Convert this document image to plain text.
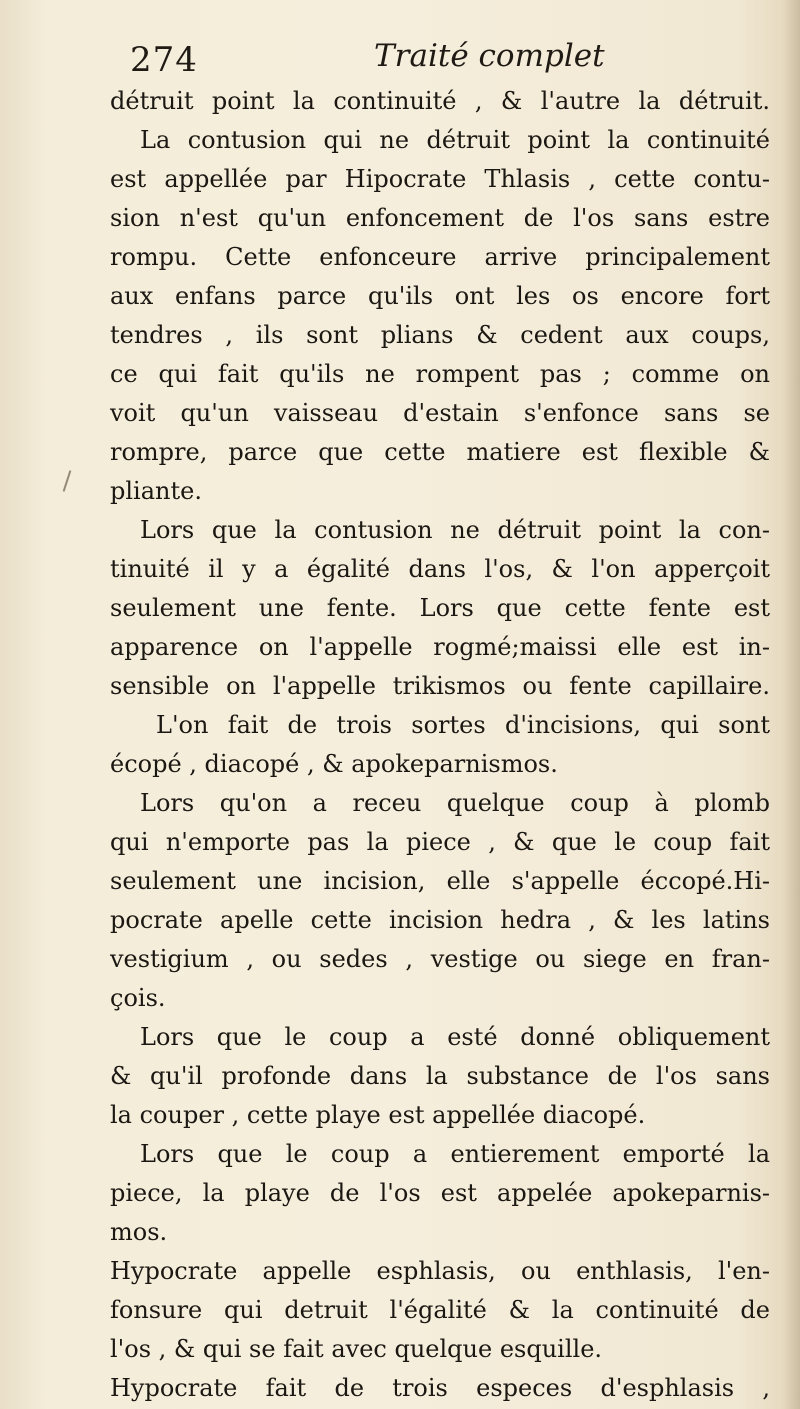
274	Traité complet
détruit point la continuité , & l'autre la détruit.
La contusion qui ne détruit point la continuité
est appellée par Hipocrate Thlasis , cette contu-
sion n'est qu'un enfoncement de l'os sans estre
rompu. Cette enfonceure arrive principalement
aux enfans parce qu'ils ont les os encore fort
tendres , ils sont plians & cedent aux coups,
ce qui fait qu'ils ne rompent pas ; comme on
voit qu'un vaisseau d'estain s'enfonce sans se
rompre, parce que cette matiere est flexible &
pliante.
Lors que la contusion ne détruit point la con-
tinuité il y a égalité dans l'os, & l'on apperçoit
seulement une fente. Lors que cette fente est
apparence on l'appelle rogmé;maissi elle est in-
sensible on l'appelle trikismos ou fente capillaire.
L'on fait de trois sortes d'incisions, qui sont
écopé , diacopé , & apokeparnismos.
Lors qu'on a receu quelque coup à plomb
qui n'emporte pas la piece , & que le coup fait
seulement une incision, elle s'appelle éccopé.Hi-
pocrate apelle cette incision hedra , & les latins
vestigium , ou sedes , vestige ou siege en fran-
çois.
Lors que le coup a esté donné obliquement
& qu'il profonde dans la substance de l'os sans
la couper , cette playe est appellée diacopé.
Lors que le coup a entierement emporté la
piece, la playe de l'os est appelée apokeparnis-
mos.
Hypocrate appelle esphlasis, ou enthlasis, l'en-
fonsure qui detruit l'égalité & la continuité de
l'os , & qui se fait avec quelque esquille.
Hypocrate fait de trois especes d'esphlasis ,
